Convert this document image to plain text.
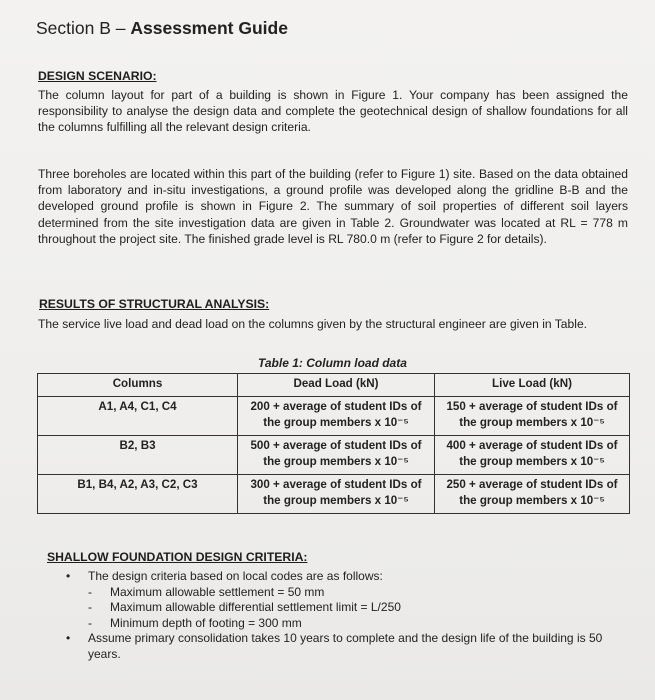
Section B – Assessment Guide
DESIGN SCENARIO:
The column layout for part of a building is shown in Figure 1. Your company has been assigned the responsibility to analyse the design data and complete the geotechnical design of shallow foundations for all the columns fulfilling all the relevant design criteria.
Three boreholes are located within this part of the building (refer to Figure 1) site. Based on the data obtained from laboratory and in-situ investigations, a ground profile was developed along the gridline B-B and the developed ground profile is shown in Figure 2. The summary of soil properties of different soil layers determined from the site investigation data are given in Table 2. Groundwater was located at RL = 778 m throughout the project site. The finished grade level is RL 780.0 m (refer to Figure 2 for details).
RESULTS OF STRUCTURAL ANALYSIS:
The service live load and dead load on the columns given by the structural engineer are given in Table.
Table 1: Column load data
Columns	Dead Load (kN)	Live Load (kN)
A1, A4, C1, C4	200 + average of student IDs of the group members x 10⁻⁵	150 + average of student IDs of the group members x 10⁻⁵
B2, B3	500 + average of student IDs of the group members x 10⁻⁵	400 + average of student IDs of the group members x 10⁻⁵
B1, B4, A2, A3, C2, C3	300 + average of student IDs of the group members x 10⁻⁵	250 + average of student IDs of the group members x 10⁻⁵
SHALLOW FOUNDATION DESIGN CRITERIA:
• The design criteria based on local codes are as follows:
- Maximum allowable settlement = 50 mm
- Maximum allowable differential settlement limit = L/250
- Minimum depth of footing = 300 mm
• Assume primary consolidation takes 10 years to complete and the design life of the building is 50 years.
